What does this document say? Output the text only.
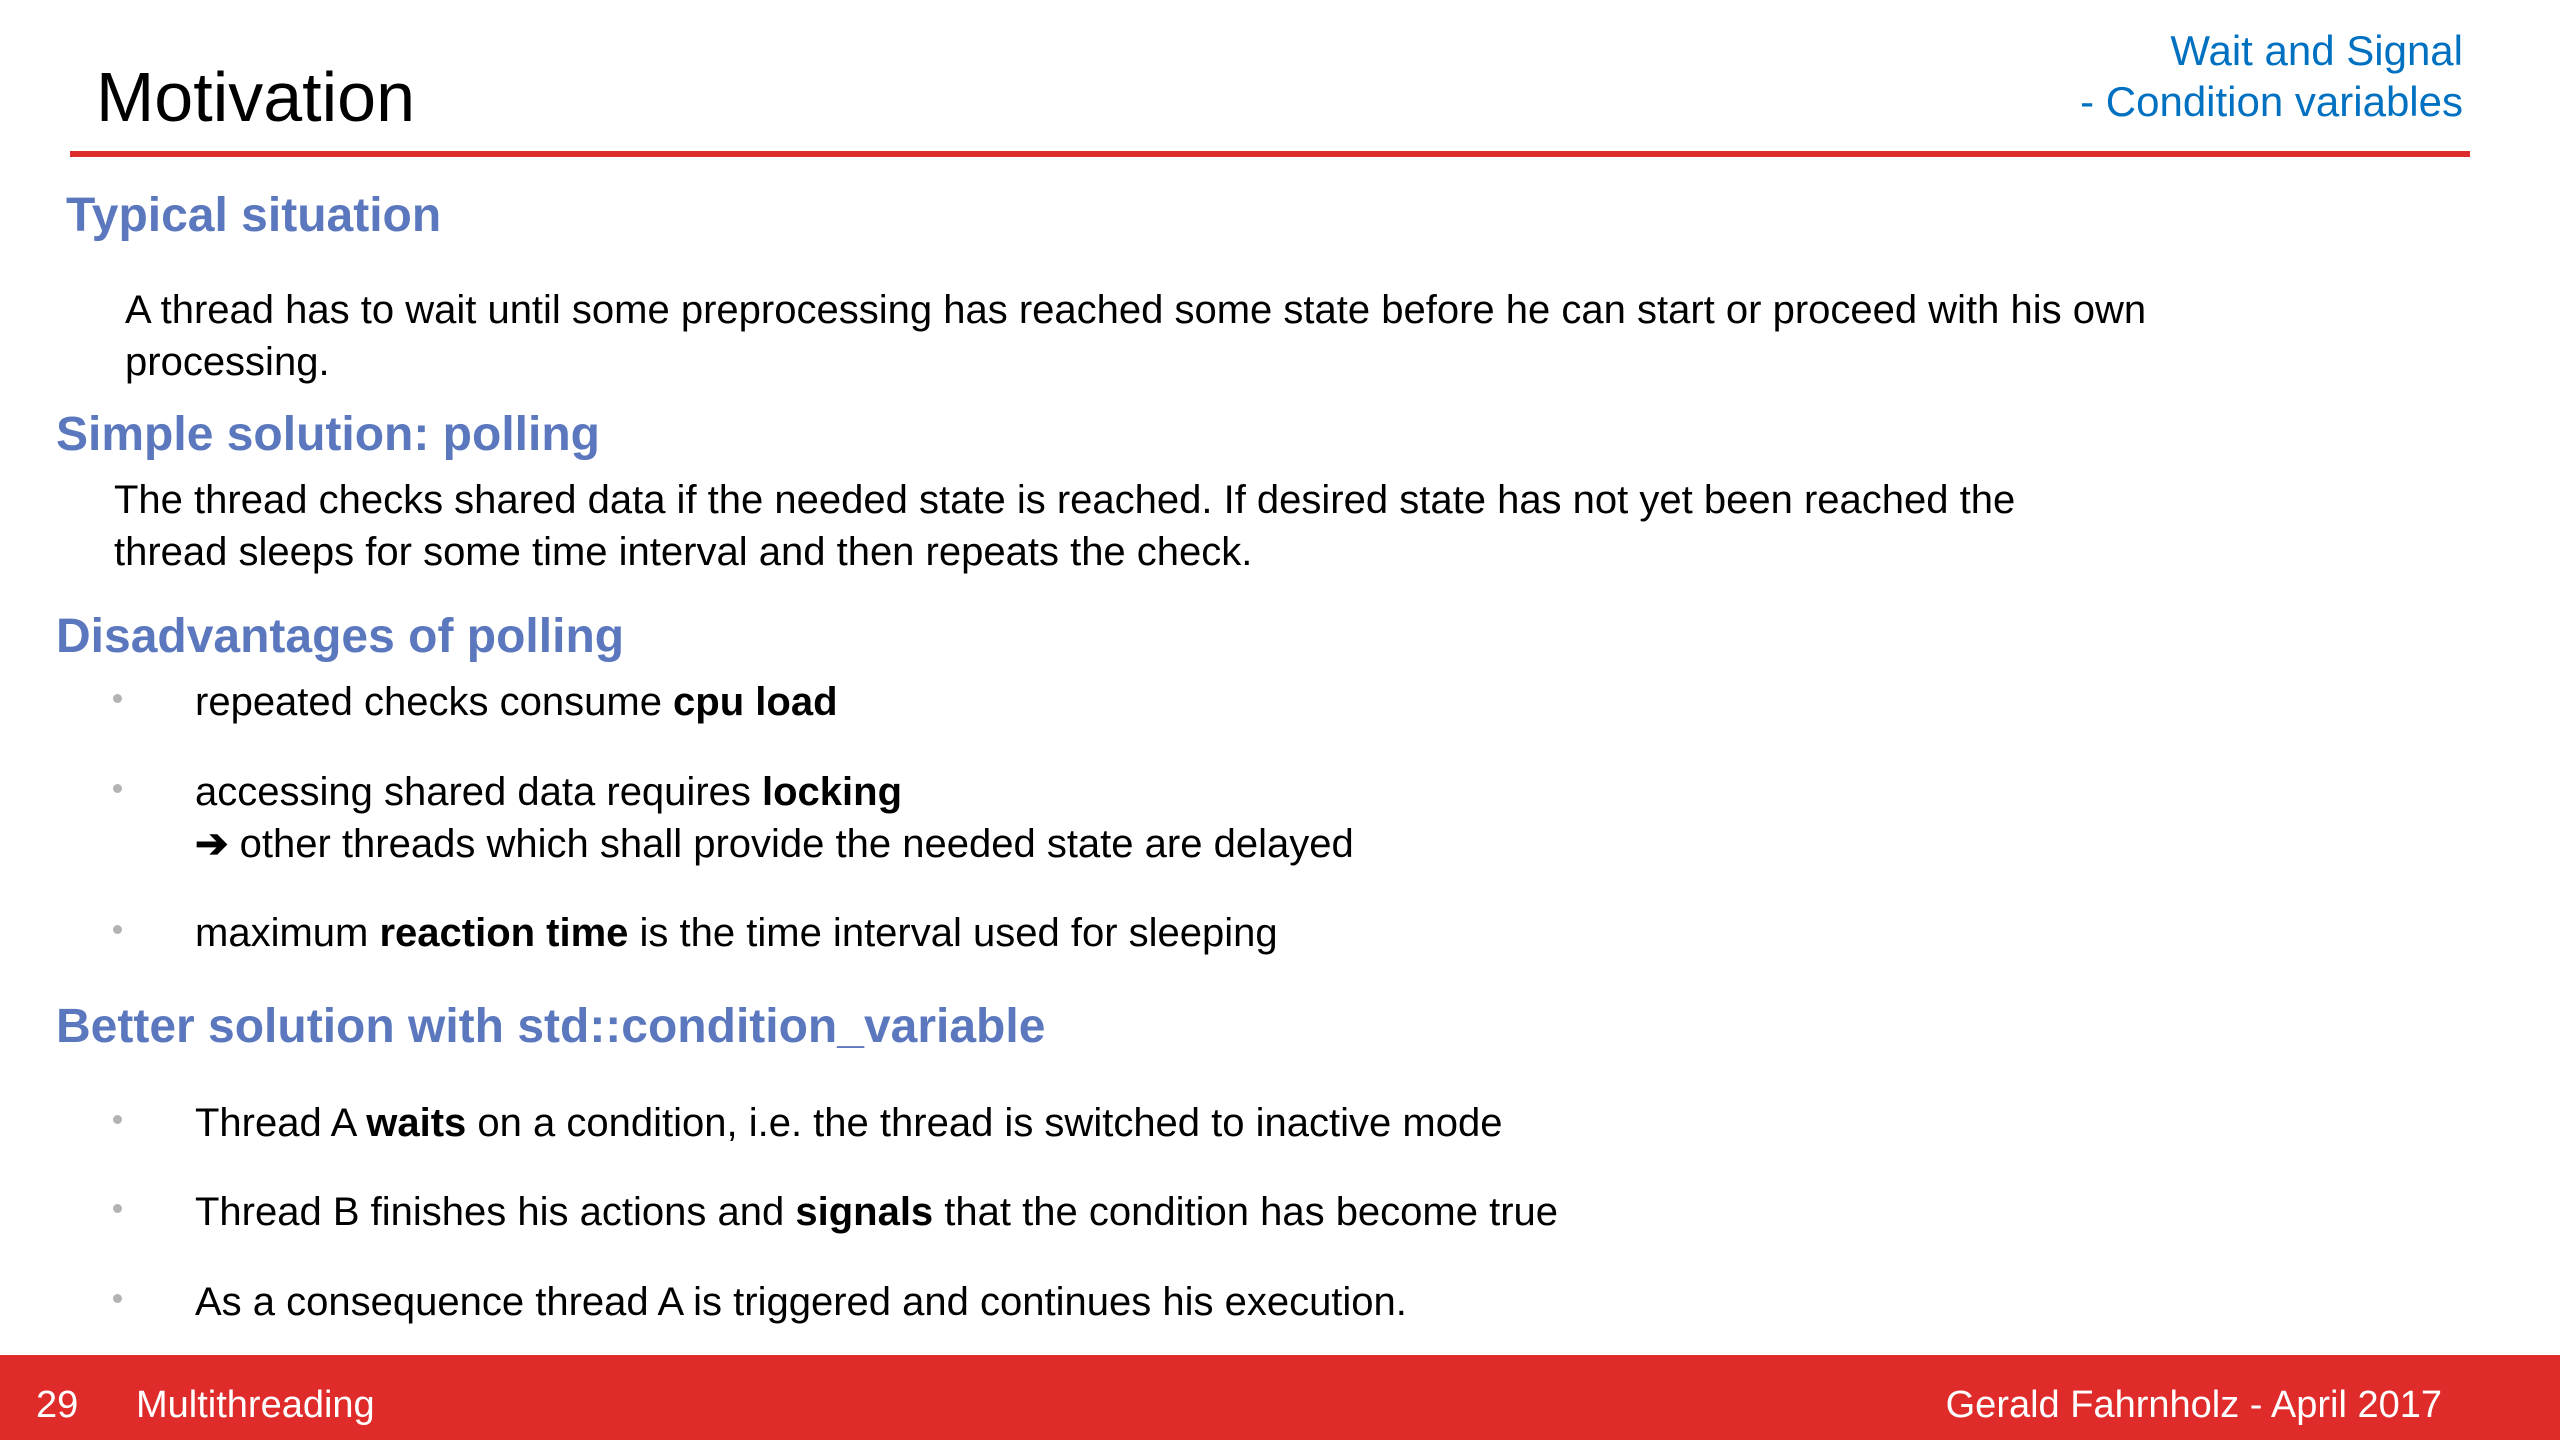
Motivation
Wait and Signal
- Condition variables
Typical situation

A thread has to wait until some preprocessing has reached some state before he can start or proceed with his own
processing.

Simple solution: polling

The thread checks shared data if the needed state is reached. If desired state has not yet been reached the
thread sleeps for some time interval and then repeats the check.

Disadvantages of polling
repeated checks consume cpu load
accessing shared data requires locking
➔ other threads which shall provide the needed state are delayed
maximum reaction time is the time interval used for sleeping
Better solution with std::condition_variable
Thread A waits on a condition, i.e. the thread is switched to inactive mode
Thread B finishes his actions and signals that the condition has become true
As a consequence thread A is triggered and continues his execution.
29 Multithreading	Gerald Fahrnholz - April 2017
